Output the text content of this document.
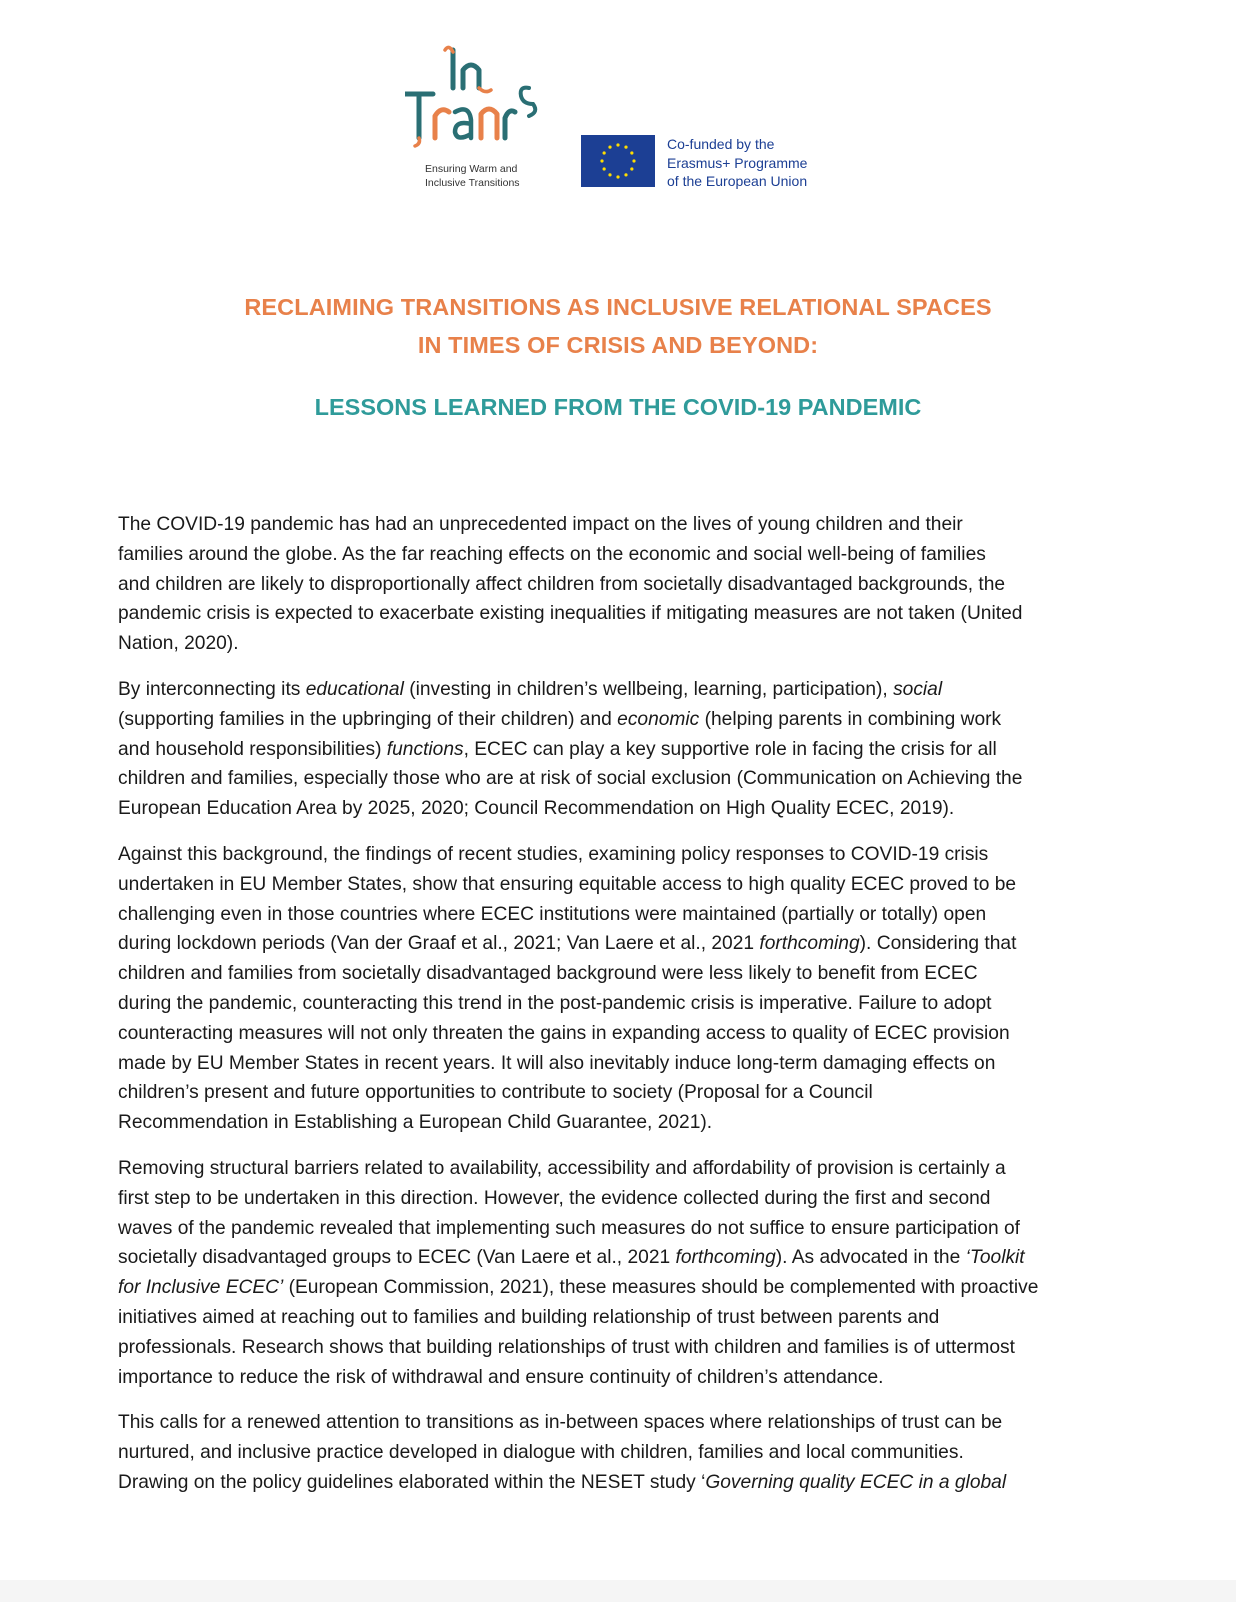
Ensuring Warm and
Inclusive Transitions
Co-funded by the
Erasmus+ Programme
of the European Union
RECLAIMING TRANSITIONS AS INCLUSIVE RELATIONAL SPACES
IN TIMES OF CRISIS AND BEYOND:
LESSONS LEARNED FROM THE COVID-19 PANDEMIC

The COVID-19 pandemic has had an unprecedented impact on the lives of young children and their
families around the globe. As the far reaching effects on the economic and social well-being of families
and children are likely to disproportionally affect children from societally disadvantaged backgrounds, the
pandemic crisis is expected to exacerbate existing inequalities if mitigating measures are not taken (United
Nation, 2020).

By interconnecting its educational (investing in children’s wellbeing, learning, participation), social
(supporting families in the upbringing of their children) and economic (helping parents in combining work
and household responsibilities) functions, ECEC can play a key supportive role in facing the crisis for all
children and families, especially those who are at risk of social exclusion (Communication on Achieving the
European Education Area by 2025, 2020; Council Recommendation on High Quality ECEC, 2019).

Against this background, the findings of recent studies, examining policy responses to COVID-19 crisis
undertaken in EU Member States, show that ensuring equitable access to high quality ECEC proved to be
challenging even in those countries where ECEC institutions were maintained (partially or totally) open
during lockdown periods (Van der Graaf et al., 2021; Van Laere et al., 2021 forthcoming). Considering that
children and families from societally disadvantaged background were less likely to benefit from ECEC
during the pandemic, counteracting this trend in the post-pandemic crisis is imperative. Failure to adopt
counteracting measures will not only threaten the gains in expanding access to quality of ECEC provision
made by EU Member States in recent years. It will also inevitably induce long-term damaging effects on
children’s present and future opportunities to contribute to society (Proposal for a Council
Recommendation in Establishing a European Child Guarantee, 2021).

Removing structural barriers related to availability, accessibility and affordability of provision is certainly a
first step to be undertaken in this direction. However, the evidence collected during the first and second
waves of the pandemic revealed that implementing such measures do not suffice to ensure participation of
societally disadvantaged groups to ECEC (Van Laere et al., 2021 forthcoming). As advocated in the ‘Toolkit
for Inclusive ECEC’ (European Commission, 2021), these measures should be complemented with proactive
initiatives aimed at reaching out to families and building relationship of trust between parents and
professionals. Research shows that building relationships of trust with children and families is of uttermost
importance to reduce the risk of withdrawal and ensure continuity of children’s attendance.

This calls for a renewed attention to transitions as in-between spaces where relationships of trust can be
nurtured, and inclusive practice developed in dialogue with children, families and local communities.
Drawing on the policy guidelines elaborated within the NESET study ‘Governing quality ECEC in a global
